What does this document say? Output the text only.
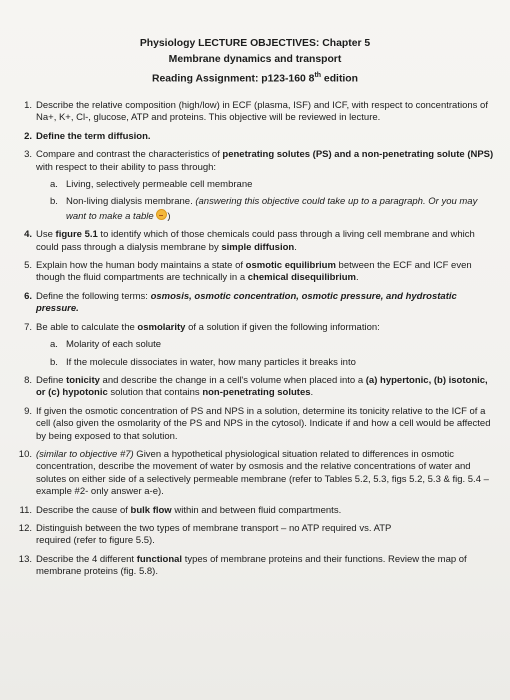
Physiology LECTURE OBJECTIVES: Chapter 5
Membrane dynamics and transport
Reading Assignment: p123-160 8th edition
1. Describe the relative composition (high/low) in ECF (plasma, ISF) and ICF, with respect to concentrations of Na+, K+, Cl-, glucose, ATP and proteins. This objective will be reviewed in lecture.
2. Define the term diffusion.
3. Compare and contrast the characteristics of penetrating solutes (PS) and a non-penetrating solute (NPS) with respect to their ability to pass through:
a. Living, selectively permeable cell membrane
b. Non-living dialysis membrane. (answering this objective could take up to a paragraph. Or you may want to make a table )
4. Use figure 5.1 to identify which of those chemicals could pass through a living cell membrane and which could pass through a dialysis membrane by simple diffusion.
5. Explain how the human body maintains a state of osmotic equilibrium between the ECF and ICF even though the fluid compartments are technically in a chemical disequilibrium.
6. Define the following terms: osmosis, osmotic concentration, osmotic pressure, and hydrostatic pressure.
7. Be able to calculate the osmolarity of a solution if given the following information:
a. Molarity of each solute
b. If the molecule dissociates in water, how many particles it breaks into
8. Define tonicity and describe the change in a cell's volume when placed into a (a) hypertonic, (b) isotonic, or (c) hypotonic solution that contains non-penetrating solutes.
9. If given the osmotic concentration of PS and NPS in a solution, determine its tonicity relative to the ICF of a cell (also given the osmolarity of the PS and NPS in the cytosol). Indicate if and how a cell would be affected by being exposed to that solution.
10. (similar to objective #7) Given a hypothetical physiological situation related to differences in osmotic concentration, describe the movement of water by osmosis and the relative concentrations of water and solutes on either side of a selectively permeable membrane (refer to Tables 5.2, 5.3, figs 5.2, 5.3 & fig. 5.4 – example #2- only answer a-e).
11. Describe the cause of bulk flow within and between fluid compartments.
12. Distinguish between the two types of membrane transport – no ATP required vs. ATP
required (refer to figure 5.5).
13. Describe the 4 different functional types of membrane proteins and their functions. Review the map of membrane proteins (fig. 5.8).
